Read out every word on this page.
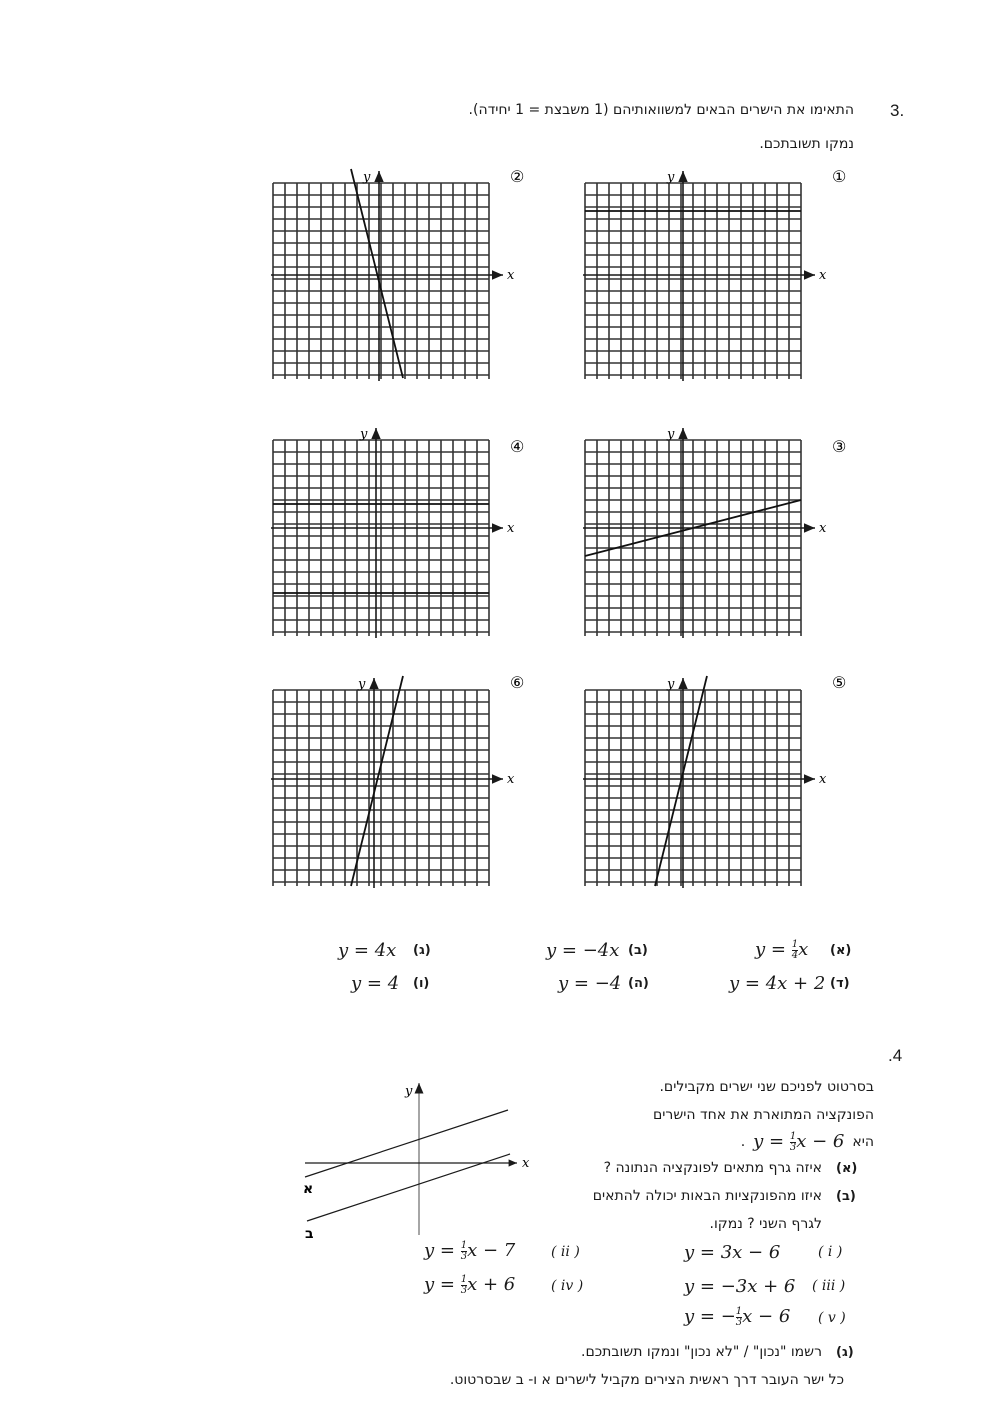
3.
התאימו את הישרים הבאים למשוואותיהם (1 משבצת = 1 יחידה).
נמקו תשובתכם.
y
x
①
y
x
②
y
x
③
y
x
④
y
x
⑤
y
x
⑥
(א)
$y = \frac{1}{4}$ x
(ב)
y = −4x
(ג)
y = 4x
(ד)
y = 4x + 2
(ה)
y = −4
(ו)
y = 4
.4
בסרטוט לפניכם שני ישרים מקבילים.
הפונקציה המתוארת את אחד הישרים
היא
$y = \frac{1}{3}$ x − 6
.
(א)
איזה גרף מתאים לפונקציה הנתונה ?
(ב)
איזו מהפונקציות הבאות יכולה להתאים
לגרף השני ? נמקו.
y = 3x − 6	( i )
$y = \frac{1}{3}$ x − 7	( ii )
y = −3x + 6 ( iii )
$y = \frac{1}{3}$ x + 6	( iv )
y = − $\frac{1}{3}$ x − 6 ( v )
(ג)
רשמו "נכון" / "לא נכון" ונמקו תשובתכם.
כל ישר העובר דרך ראשית הצירים מקביל לישרים א ו- ב שבסרטוט.
y
x
א
ב
